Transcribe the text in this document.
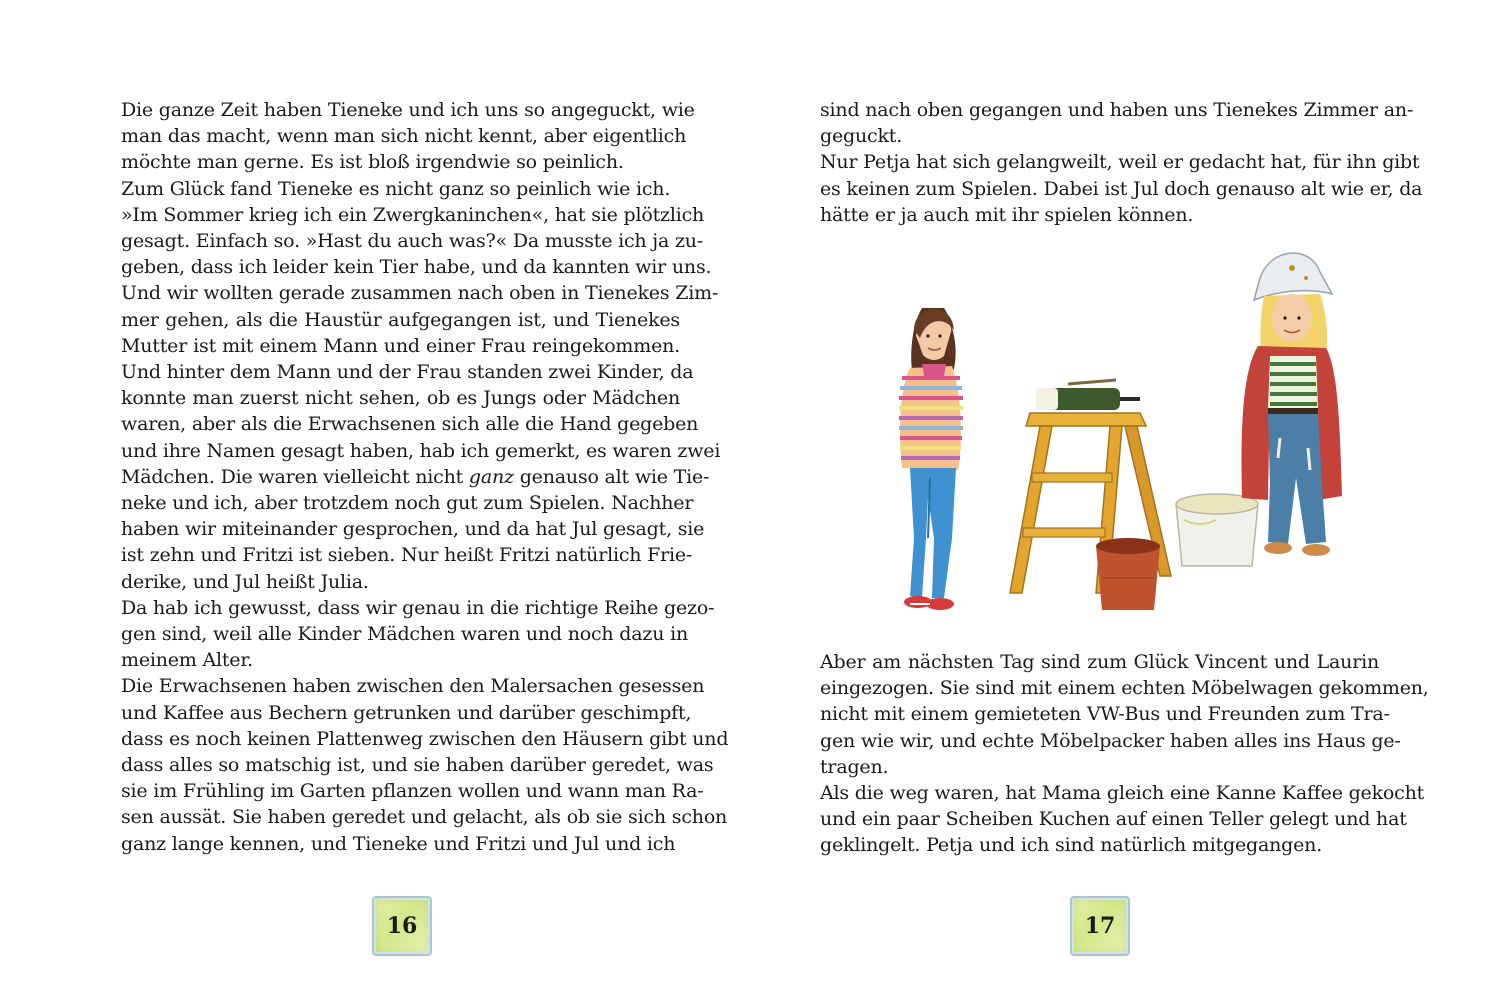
Die ganze Zeit haben Tieneke und ich uns so angeguckt, wie
man das macht, wenn man sich nicht kennt, aber eigentlich
möchte man gerne. Es ist bloß irgendwie so peinlich.
Zum Glück fand Tieneke es nicht ganz so peinlich wie ich.
»Im Sommer krieg ich ein Zwergkaninchen«, hat sie plötzlich
gesagt. Einfach so. »Hast du auch was?« Da musste ich ja zu-
geben, dass ich leider kein Tier habe, und da kannten wir uns.
Und wir wollten gerade zusammen nach oben in Tienekes Zim-
mer gehen, als die Haustür aufgegangen ist, und Tienekes
Mutter ist mit einem Mann und einer Frau reingekommen.
Und hinter dem Mann und der Frau standen zwei Kinder, da
konnte man zuerst nicht sehen, ob es Jungs oder Mädchen
waren, aber als die Erwachsenen sich alle die Hand gegeben
und ihre Namen gesagt haben, hab ich gemerkt, es waren zwei
Mädchen. Die waren vielleicht nicht ganz genauso alt wie Tie-
neke und ich, aber trotzdem noch gut zum Spielen. Nachher
haben wir miteinander gesprochen, und da hat Jul gesagt, sie
ist zehn und Fritzi ist sieben. Nur heißt Fritzi natürlich Frie-
derike, und Jul heißt Julia.
Da hab ich gewusst, dass wir genau in die richtige Reihe gezo-
gen sind, weil alle Kinder Mädchen waren und noch dazu in
meinem Alter.
Die Erwachsenen haben zwischen den Malersachen gesessen
und Kaffee aus Bechern getrunken und darüber geschimpft,
dass es noch keinen Plattenweg zwischen den Häusern gibt und
dass alles so matschig ist, und sie haben darüber geredet, was
sie im Frühling im Garten pflanzen wollen und wann man Ra-
sen aussät. Sie haben geredet und gelacht, als ob sie sich schon
ganz lange kennen, und Tieneke und Fritzi und Jul und ich
16
sind nach oben gegangen und haben uns Tienekes Zimmer an-
geguckt.
Nur Petja hat sich gelangweilt, weil er gedacht hat, für ihn gibt
es keinen zum Spielen. Dabei ist Jul doch genauso alt wie er, da
hätte er ja auch mit ihr spielen können.
Aber am nächsten Tag sind zum Glück Vincent und Laurin
eingezogen. Sie sind mit einem echten Möbelwagen gekommen,
nicht mit einem gemieteten VW-Bus und Freunden zum Tra-
gen wie wir, und echte Möbelpacker haben alles ins Haus ge-
tragen.
Als die weg waren, hat Mama gleich eine Kanne Kaffee gekocht
und ein paar Scheiben Kuchen auf einen Teller gelegt und hat
geklingelt. Petja und ich sind natürlich mitgegangen.
17
